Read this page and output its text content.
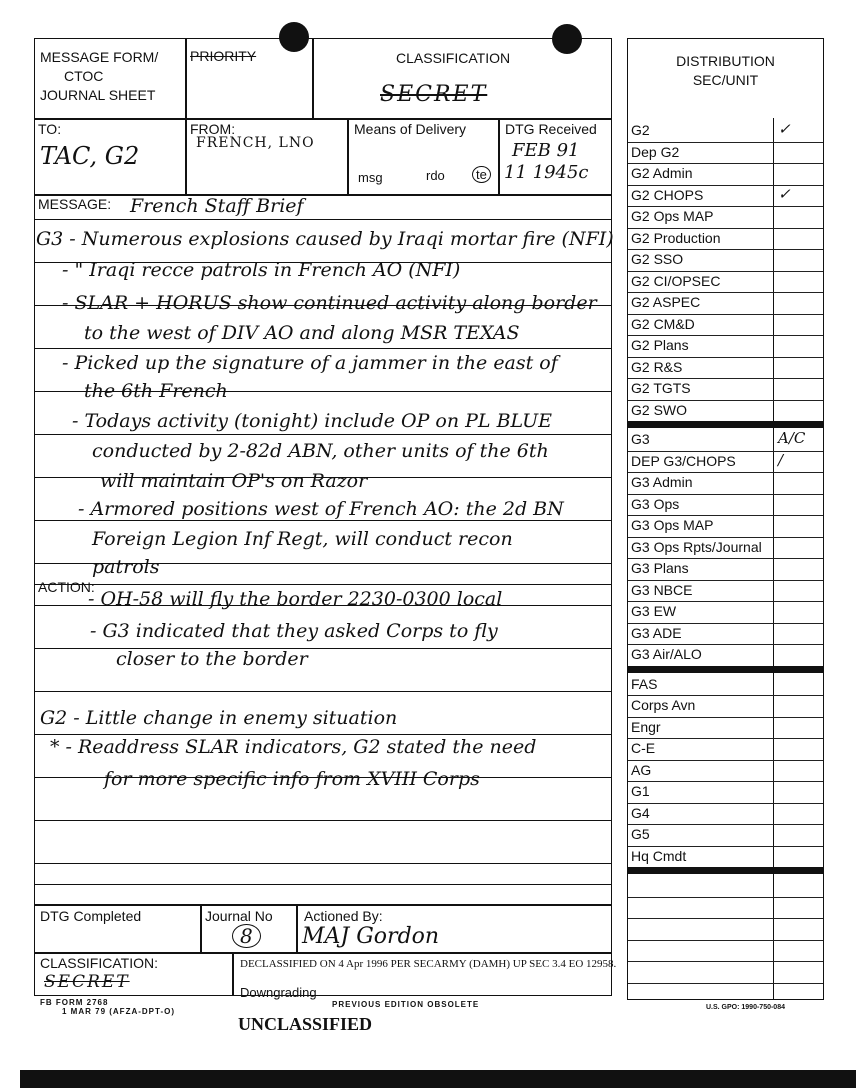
MESSAGE FORM/
CTOC
JOURNAL SHEET
PRIORITY	CLASSIFICATION
SECRET
TO:
TAC, G2
FROM:
FRENCH, LNO
Means of Delivery
msg	rdo	te
DTG Received
FEB 91
11 1945c
MESSAGE: French Staff Brief
G3 - Numerous explosions caused by Iraqi mortar fire (NFI)
- " Iraqi recce patrols in French AO (NFI)
- SLAR + HORUS show continued activity along border
to the west of DIV AO and along MSR TEXAS
- Picked up the signature of a jammer in the east of
the 6th French
- Todays activity (tonight) include OP on PL BLUE
conducted by 2-82d ABN, other units of the 6th
will maintain OP's on Razor
- Armored positions west of French AO: the 2d BN
Foreign Legion Inf Regt, will conduct recon
patrols
ACTION:
- OH-58 will fly the border 2230-0300 local
- G3 indicated that they asked Corps to fly
closer to the border
G2 - Little change in enemy situation
* - Readdress SLAR indicators, G2 stated the need
for more specific info from XVIII Corps
DTG Completed	Journal No
8
Actioned By:
MAJ Gordon
CLASSIFICATION:
SECRET
DECLASSIFIED ON 4 Apr 1996 PER SECARMY (DAMH) UP SEC 3.4 EO 12958.
Downgrading
FB FORM 2768
1 MAR 79 (AFZA-DPT-O)
PREVIOUS EDITION OBSOLETE	U.S. GPO: 1990-750-084
UNCLASSIFIED
DISTRIBUTION
SEC/UNIT
G2	✓
Dep G2
G2 Admin
G2 CHOPS	✓
G2 Ops MAP
G2 Production
G2 SSO
G2 CI/OPSEC
G2 ASPEC
G2 CM&D
G2 Plans
G2 R&S
G2 TGTS
G2 SWO
G3	A/C
DEP G3/CHOPS	/
G3 Admin
G3 Ops
G3 Ops MAP
G3 Ops Rpts/Journal
G3 Plans
G3 NBCE
G3 EW
G3 ADE
G3 Air/ALO
FAS
Corps Avn
Engr
C-E
AG
G1
G4
G5
Hq Cmdt
